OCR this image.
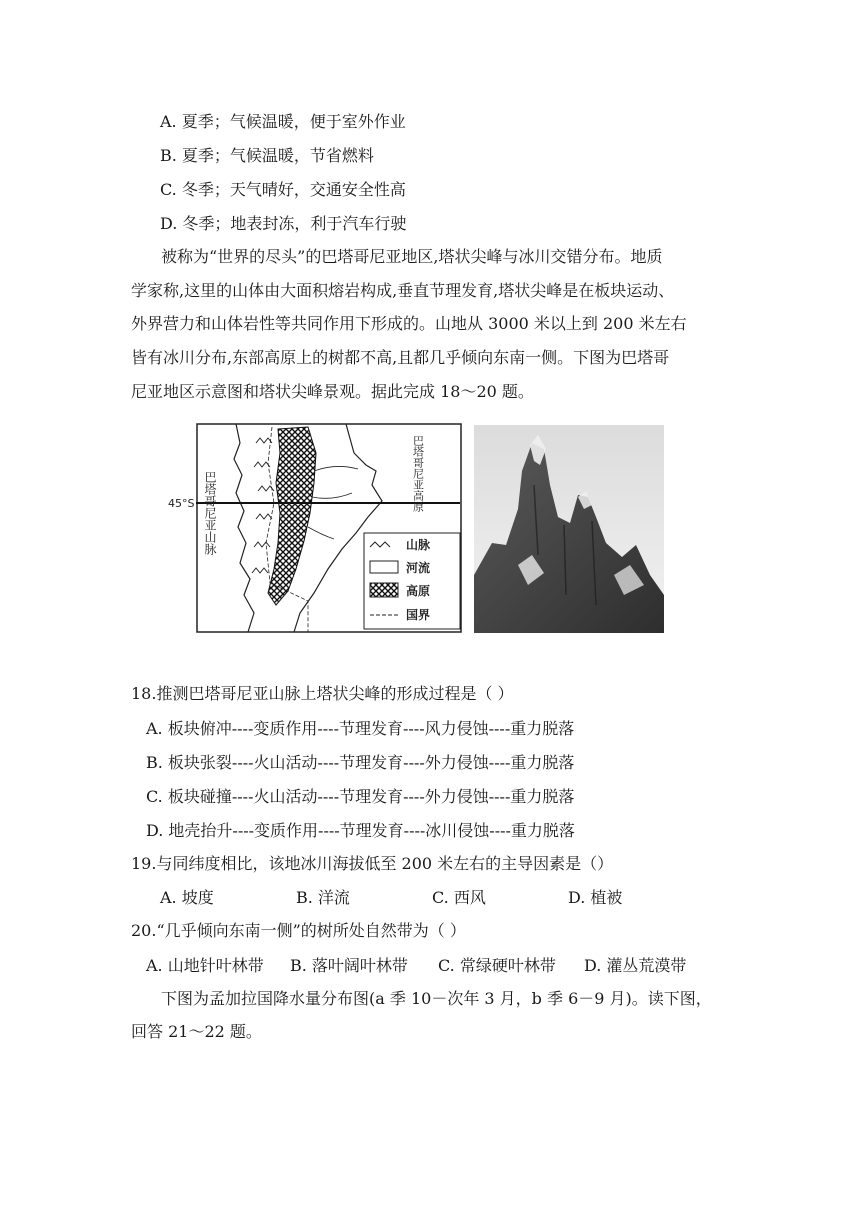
A. 夏季；气候温暖，便于室外作业
B. 夏季；气候温暖，节省燃料
C. 冬季；天气晴好，交通安全性高
D. 冬季；地表封冻，利于汽车行驶
被称为“世界的尽头”的巴塔哥尼亚地区,塔状尖峰与冰川交错分布。地质
学家称,这里的山体由大面积熔岩构成,垂直节理发育,塔状尖峰是在板块运动、
外界营力和山体岩性等共同作用下形成的。山地从 3000 米以上到 200 米左右
皆有冰川分布,东部高原上的树都不高,且都几乎倾向东南一侧。下图为巴塔哥
尼亚地区示意图和塔状尖峰景观。据此完成 18～20 题。
45°S 巴塔哥尼亚山脉	巴塔哥尼亚高原
山脉
河流
高原
国界
18.推测巴塔哥尼亚山脉上塔状尖峰的形成过程是（ ）
A. 板块俯冲----变质作用----节理发育----风力侵蚀----重力脱落
B. 板块张裂----火山活动----节理发育----外力侵蚀----重力脱落
C. 板块碰撞----火山活动----节理发育----外力侵蚀----重力脱落
D. 地壳抬升----变质作用----节理发育----冰川侵蚀----重力脱落
19.与同纬度相比，该地冰川海拔低至 200 米左右的主导因素是（）
A. 坡度	B. 洋流	C. 西风	D. 植被
20.“几乎倾向东南一侧”的树所处自然带为（ ）
A. 山地针叶林带 B. 落叶阔叶林带 C. 常绿硬叶林带 D. 灌丛荒漠带
下图为孟加拉国降水量分布图(a 季 10－次年 3 月，b 季 6－9 月)。读下图，
回答 21～22 题。
